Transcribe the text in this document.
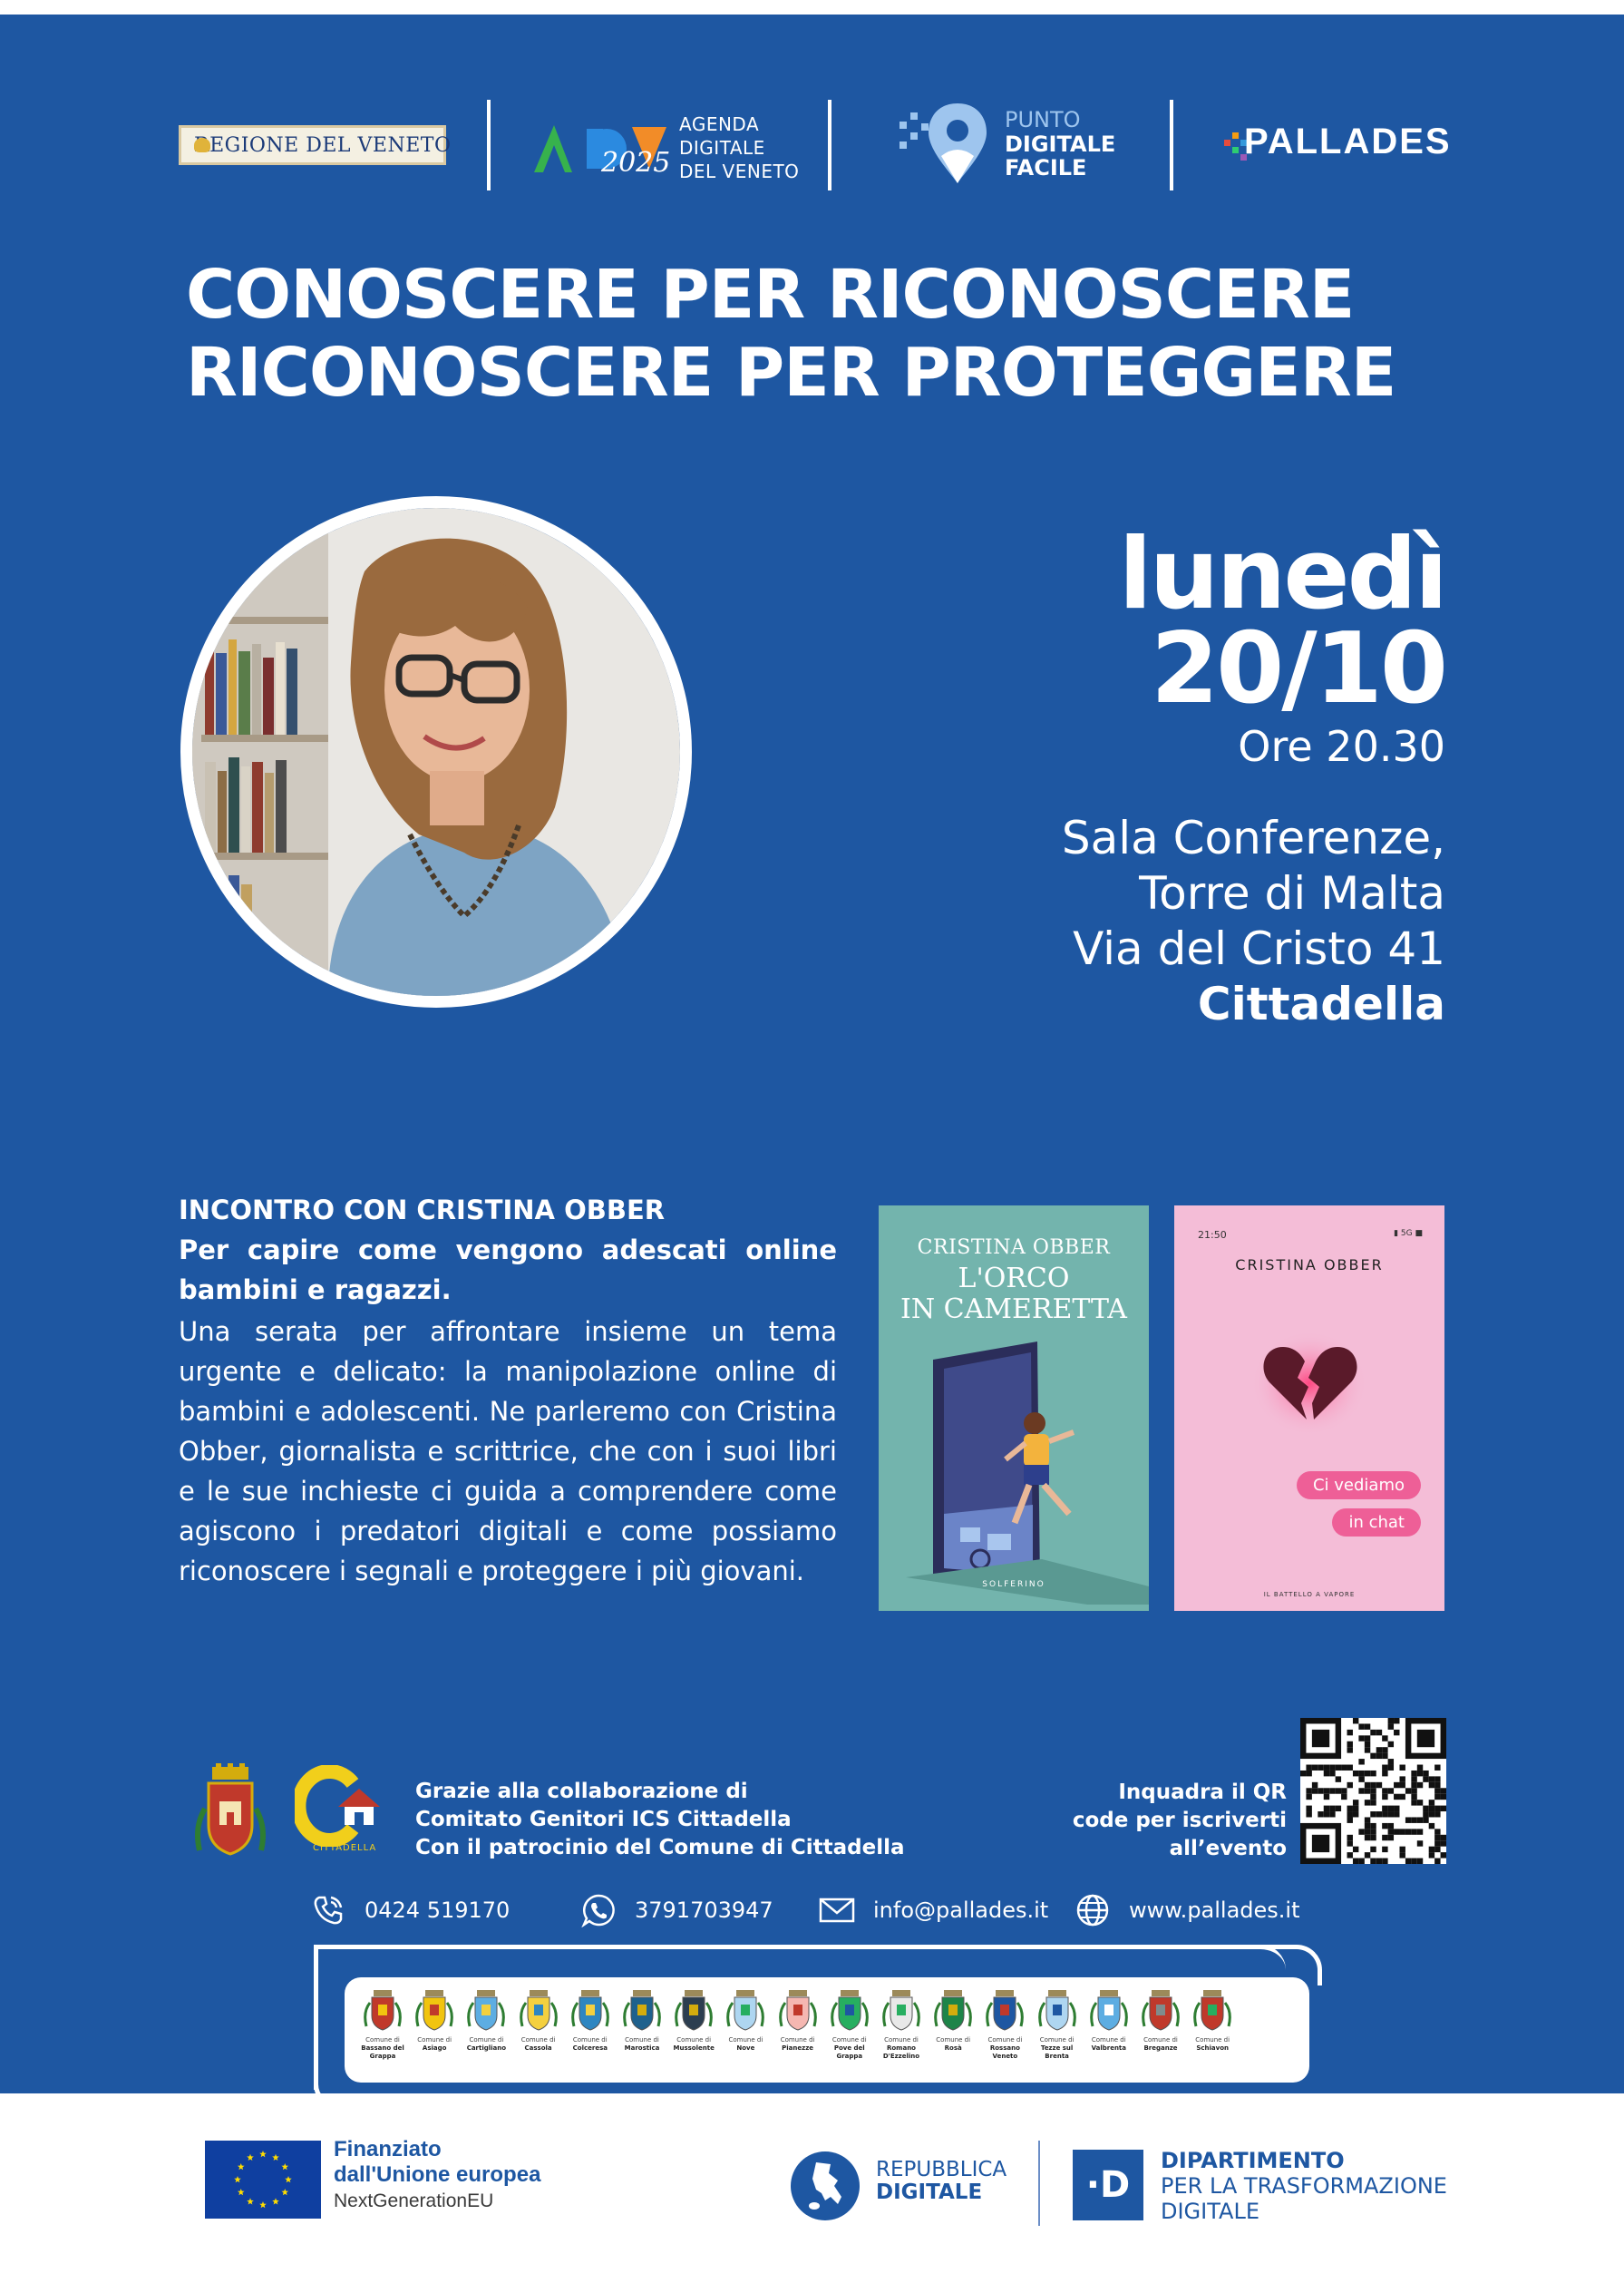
REGIONE DEL VENETO
2025
AGENDA
DIGITALE
DEL VENETO
PUNTO
DIGITALE
FACILE
PALLADES
CONOSCERE PER RICONOSCERE
RICONOSCERE PER PROTEGGERE
lunedì
20/10
Ore 20.30
Sala Conferenze,
Torre di Malta
Via del Cristo 41
Cittadella
INCONTRO CON CRISTINA OBBER
Per capire come vengono adescati online bambini e ragazzi.
Una serata per affrontare insieme un tema urgente e delicato: la manipolazione online di bambini e adolescenti. Ne parleremo con Cristina Obber, giornalista e scrittrice, che con i suoi libri e le sue inchieste ci guida a comprendere come agiscono i predatori digitali e come possiamo riconoscere i segnali e proteggere i più giovani.
CRISTINA OBBER
L'ORCO
IN CAMERETTA
SOLFERINO
21:50	▮ 5G ■
CRISTINA OBBER
Ci vediamo
in chat
IL BATTELLO A VAPORE
CITTADELLA
Grazie alla collaborazione di
Comitato Genitori ICS Cittadella
Con il patrocinio del Comune di Cittadella
Inquadra il QR
code per iscriverti
all’evento
0424 519170	3791703947	info@pallades.it	www.pallades.it
Comune di
Bassano del Grappa
Comune di
Asiago
Comune di
Cartigliano
Comune di
Cassola
Comune di
Colceresa
Comune di
Marostica
Comune di
Mussolente
Comune di
Nove
Comune di
Pianezze
Comune di
Pove del Grappa
Comune di
Romano D'Ezzelino
Comune di
Rosà
Comune di
Rossano Veneto
Comune di
Tezze sul Brenta
Comune di
Valbrenta
Comune di
Breganze
Comune di
Schiavon
Finanziato
dall'Unione europea
NextGenerationEU
REPUBBLICA
DIGITALE	·D
DIPARTIMENTO
PER LA TRASFORMAZIONE
DIGITALE
